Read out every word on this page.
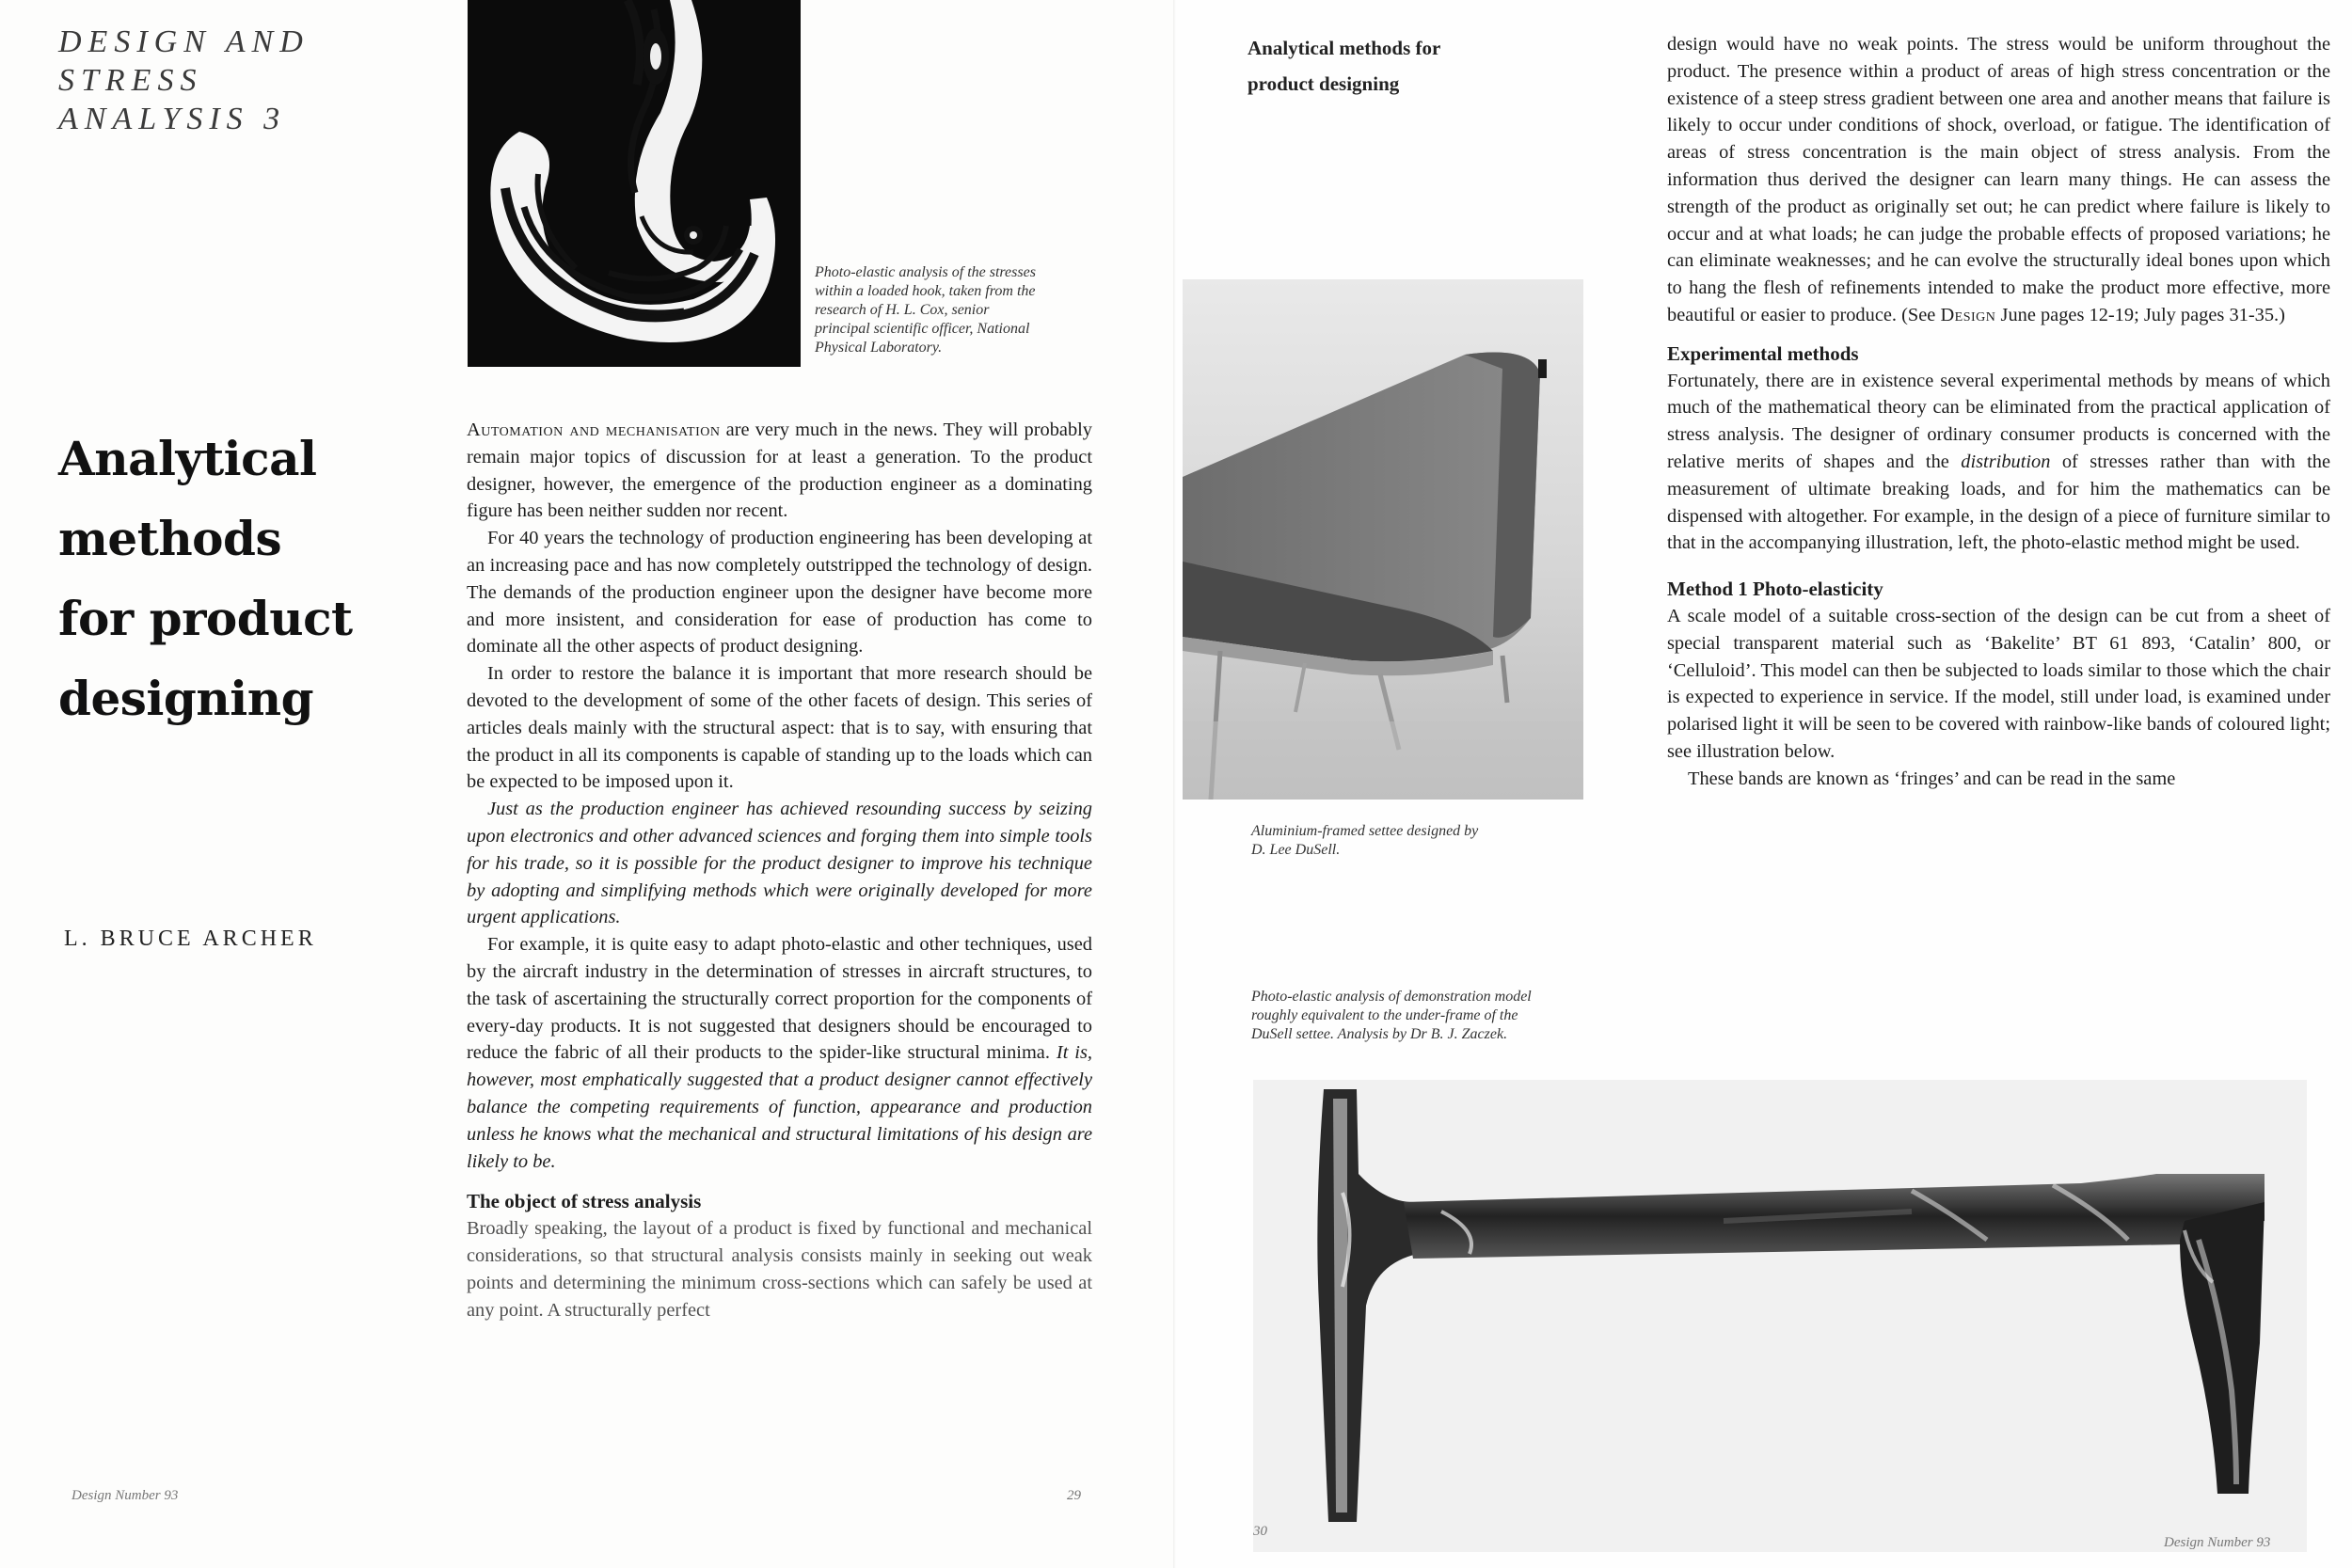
DESIGN AND
STRESS
ANALYSIS 3
Photo-elastic analysis of the stresses
within a loaded hook, taken from the
research of H. L. Cox, senior
principal scientific officer, National
Physical Laboratory.
Analytical
methods
for product
designing
L. BRUCE ARCHER

Automation and mechanisation are very much in the news. They will probably remain major topics of discussion for at least a generation. To the product designer, however, the emergence of the production engineer as a dominating figure has been neither sudden nor recent.

For 40 years the technology of production engineering has been developing at an increasing pace and has now completely outstripped the technology of design. The demands of the production engineer upon the designer have become more and more insistent, and consideration for ease of production has come to dominate all the other aspects of product designing.

In order to restore the balance it is important that more research should be devoted to the development of some of the other facets of design. This series of articles deals mainly with the structural aspect: that is to say, with ensuring that the product in all its components is capable of standing up to the loads which can be expected to be imposed upon it.

Just as the production engineer has achieved resounding success by seizing upon electronics and other advanced sciences and forging them into simple tools for his trade, so it is possible for the product designer to improve his technique by adopting and simplifying methods which were originally developed for more urgent applications.

For example, it is quite easy to adapt photo-elastic and other techniques, used by the aircraft industry in the determination of stresses in aircraft structures, to the task of ascertaining the structurally correct proportion for the components of every-day products. It is not suggested that designers should be encouraged to reduce the fabric of all their products to the spider-like structural minima. It is, however, most emphatically suggested that a product designer cannot effectively balance the competing requirements of function, appearance and production unless he knows what the mechanical and structural limitations of his design are likely to be.

The object of stress analysis

Broadly speaking, the layout of a product is fixed by functional and mechanical considerations, so that structural analysis consists mainly in seeking out weak points and determining the minimum cross-sections which can safely be used at any point. A structurally perfect

Design Number 93	29
Analytical methods for
product designing
Aluminium-framed settee designed by
D. Lee DuSell.
Photo-elastic analysis of demonstration model
roughly equivalent to the under-frame of the
DuSell settee. Analysis by Dr B. J. Zaczek.

design would have no weak points. The stress would be uniform throughout the product. The presence within a product of areas of high stress concentration or the existence of a steep stress gradient between one area and another means that failure is likely to occur under conditions of shock, overload, or fatigue. The identification of areas of stress concentration is the main object of stress analysis. From the information thus derived the designer can learn many things. He can assess the strength of the product as originally set out; he can predict where failure is likely to occur and at what loads; he can judge the probable effects of proposed variations; he can eliminate weaknesses; and he can evolve the structurally ideal bones upon which to hang the flesh of refinements intended to make the product more effective, more beautiful or easier to produce. (See Design June pages 12-19; July pages 31-35.)

Experimental methods

Fortunately, there are in existence several experimental methods by means of which much of the mathematical theory can be eliminated from the practical application of stress analysis. The designer of ordinary consumer products is concerned with the relative merits of shapes and the distribution of stresses rather than with the measurement of ultimate breaking loads, and for him the mathematics can be dispensed with altogether. For example, in the design of a piece of furniture similar to that in the accompanying illustration, left, the photo-elastic method might be used.

Method 1 Photo-elasticity

A scale model of a suitable cross-section of the design can be cut from a sheet of special transparent material such as ‘Bakelite’ BT 61 893, ‘Catalin’ 800, or ‘Celluloid’. This model can then be subjected to loads similar to those which the chair is expected to experience in service. If the model, still under load, is examined under polarised light it will be seen to be covered with rainbow-like bands of coloured light; see illustration below.

These bands are known as ‘fringes’ and can be read in the same

30
Design Number 93
